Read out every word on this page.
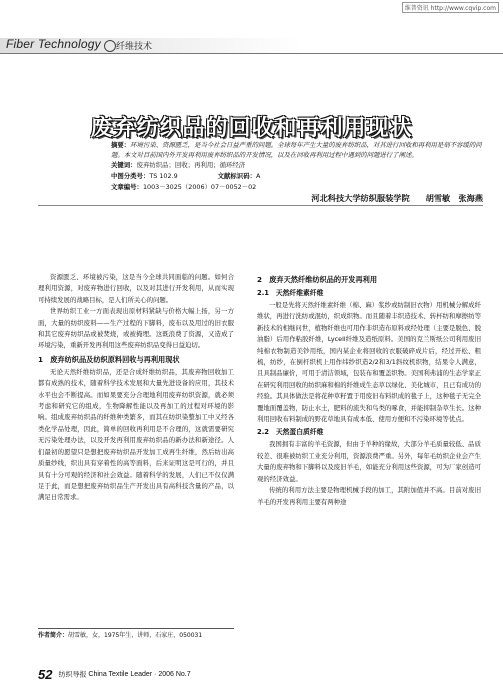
维普资讯 http://www.cqvip.com
Fiber Technology 纤维技术
废弃纺织品的回收和再利用现状
摘要：环境污染、资源匮乏，是当今社会日益严重的问题。全球每年产生大量的废弃纺织品，对其进行回收和再利用是刻不容缓的问题。本文对目前国内外开发再利用废弃纺织品的开发情况，以及在回收再利用过程中遇到的问题进行了阐述。
关键词：废弃纺织品；回收；再利用；循环经济
中图分类号：TS 102.9	文献标识码：A
文章编号：1003－3025（2006）07－0052－02
河北科技大学纺织服装学院 胡雪敏　张海燕

资源匮乏、环境被污染，这是当今全球共同面临的问题。如何合理利用资源，对废弃物进行回收，以及对其进行开发利用，从而实现可持续发展的战略目标，是人们所关心的问题。

世界纺织工业一方面表现出原材料紧缺与价格大幅上扬，另一方面，大量的纺织废料——生产过程的下脚料，废布以及用过的旧衣服和其它废弃纺织品或被焚烧，或被掩埋。这既浪费了资源，又造成了环境污染，重新开发再利用这些废弃纺织品变得日益迫切。

1　废弃纺织品及纺织原料回收与再利用现状

无论天然纤维纺织品，还是合成纤维纺织品，其废弃物回收加工都有成熟的技术，随着科学技术发展和大量先进设备的应用，其技术水平也会不断提高。而如果要充分合理地利用废弃纺织资源，就必须考虑和研究它的组成，生物降解性能以及再加工的过程对环境的影响。组成废弃纺织品的纤维种类繁多，而其在纺织染整加工中又经各类化学品处理，因此，简单的回收再利用是不合理的，这就需要研究无污染处理办法，以及开发再利用废弃纺织品的新办法和新途径。人们最初的愿望只是想把废弃纺织品开发加工成再生纤维，然后纺出高质量纱线，织出具有穿着性的高等面料，后来证明这是可行的，并且具有十分可观的经济和社会效益。随着科学的发展，人们已不仅仅满足于此，而是想把废弃纺织品生产开发出具有高科技含量的产品，以满足日常需求。

2　废弃天然纤维纺织品的开发再利用
2.1　天然纤维素纤维

一般是先将天然纤维素纤维（棉、麻）浆纱或纺制旧衣物）用机械分解成纤维状，再进行洗纺或混纺，织成织物。而且随着丰织造技术、转杯纺和摩擦纺等新技术的相继问世，植物纤维也可用作非织造布原料或经处理（主要是脱色、脱油脂）后用作粘胶纤维，Lycell纤维及造纸原料。美国的克兰斯纸公司利用废旧纯棉衣物制造美钞用纸，国内某企业将回收的衣服破碎成片后，经过开松、粗梳，纺纱，在倒杆织机上用作纬纱织造2/2和3/1斜纹机织物，结果令人满意，且具制品廉价，可用于清洁领域，包装布和覆盖织物。美国利弗浦的生态学家正在研究利用回收的纺织麻和棉的纤维成生态草以绿化、美化城市，且已有成功的经验。其具体做法是将花种草籽置于用废旧布料织成的毯子上，这种毯子无完全覆地面覆盖物，防止水土，肥料的流失和鸟类的啄食，并能抑制杂草生长。这种利用回收布料制成的野花草地具有成本低、使用方便和不污染环境等优点。

2.2　天然蛋白质纤维

我国拥有丰富的羊毛资源，但由于羊种的缘故，大部分羊毛质量较低、品质较差、很难被纺织工业充分利用，资源浪费严重。另外，每年毛纺织企业会产生大量的废弃物和下脚料以及废旧羊毛，如能充分利用这些资源，可为厂家创造可观的经济效益。

传统的利用方法主要是物理机械手段的加工，其附加值并不高。目前对废旧羊毛的开发再利用主要有两种途

作者简介：胡雪敏，女，1975年生，讲师，石家庄，050031
52 纺织导报 China Textile Leader · 2006 No.7
